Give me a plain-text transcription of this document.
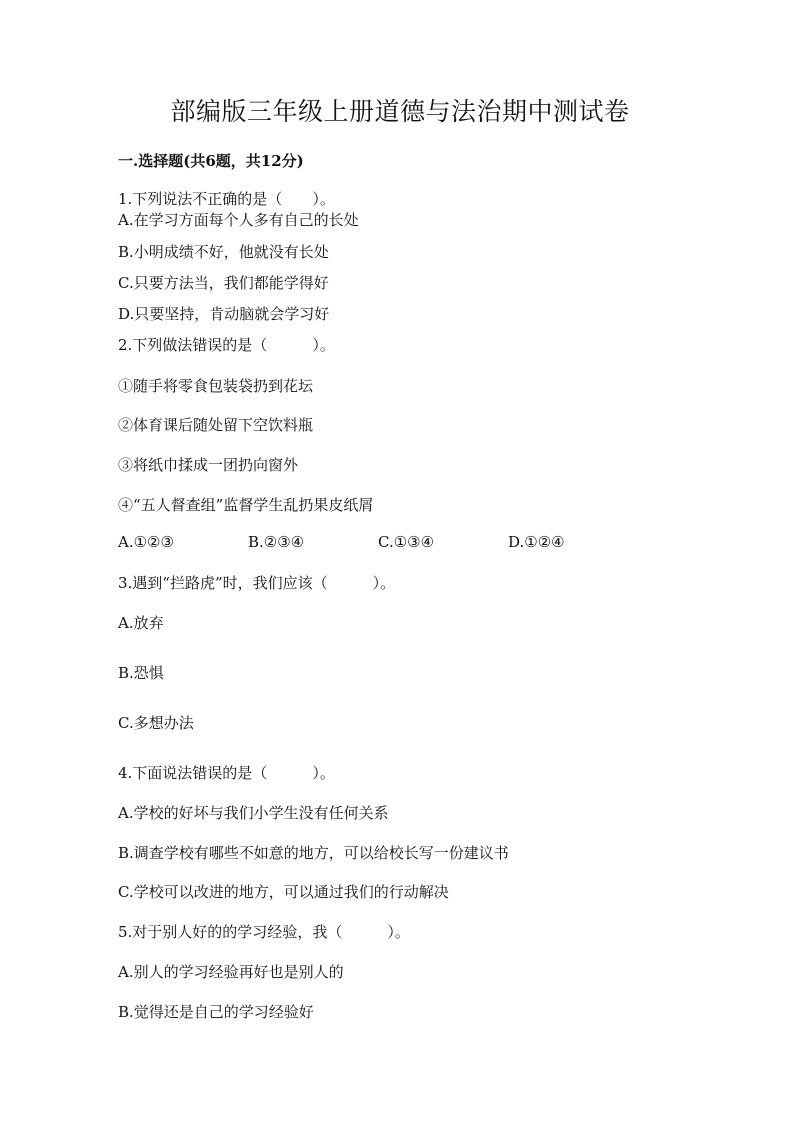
部编版三年级上册道德与法治期中测试卷
一.选择题(共6题，共12分)
1.下列说法不正确的是（　　）。
A.在学习方面每个人多有自己的长处
B.小明成绩不好，他就没有长处
C.只要方法当，我们都能学得好
D.只要坚持，肯动脑就会学习好
2.下列做法错误的是（　　　）。
①随手将零食包装袋扔到花坛
②体育课后随处留下空饮料瓶
③将纸巾揉成一团扔向窗外
④“五人督查组”监督学生乱扔果皮纸屑
A.①②③	B.②③④	C.①③④	D.①②④
3.遇到“拦路虎”时，我们应该（　　　）。
A.放弃
B.恐惧
C.多想办法
4.下面说法错误的是（　　　）。
A.学校的好坏与我们小学生没有任何关系
B.调查学校有哪些不如意的地方，可以给校长写一份建议书
C.学校可以改进的地方，可以通过我们的行动解决
5.对于别人好的的学习经验，我（　　　）。
A.别人的学习经验再好也是别人的
B.觉得还是自己的学习经验好
